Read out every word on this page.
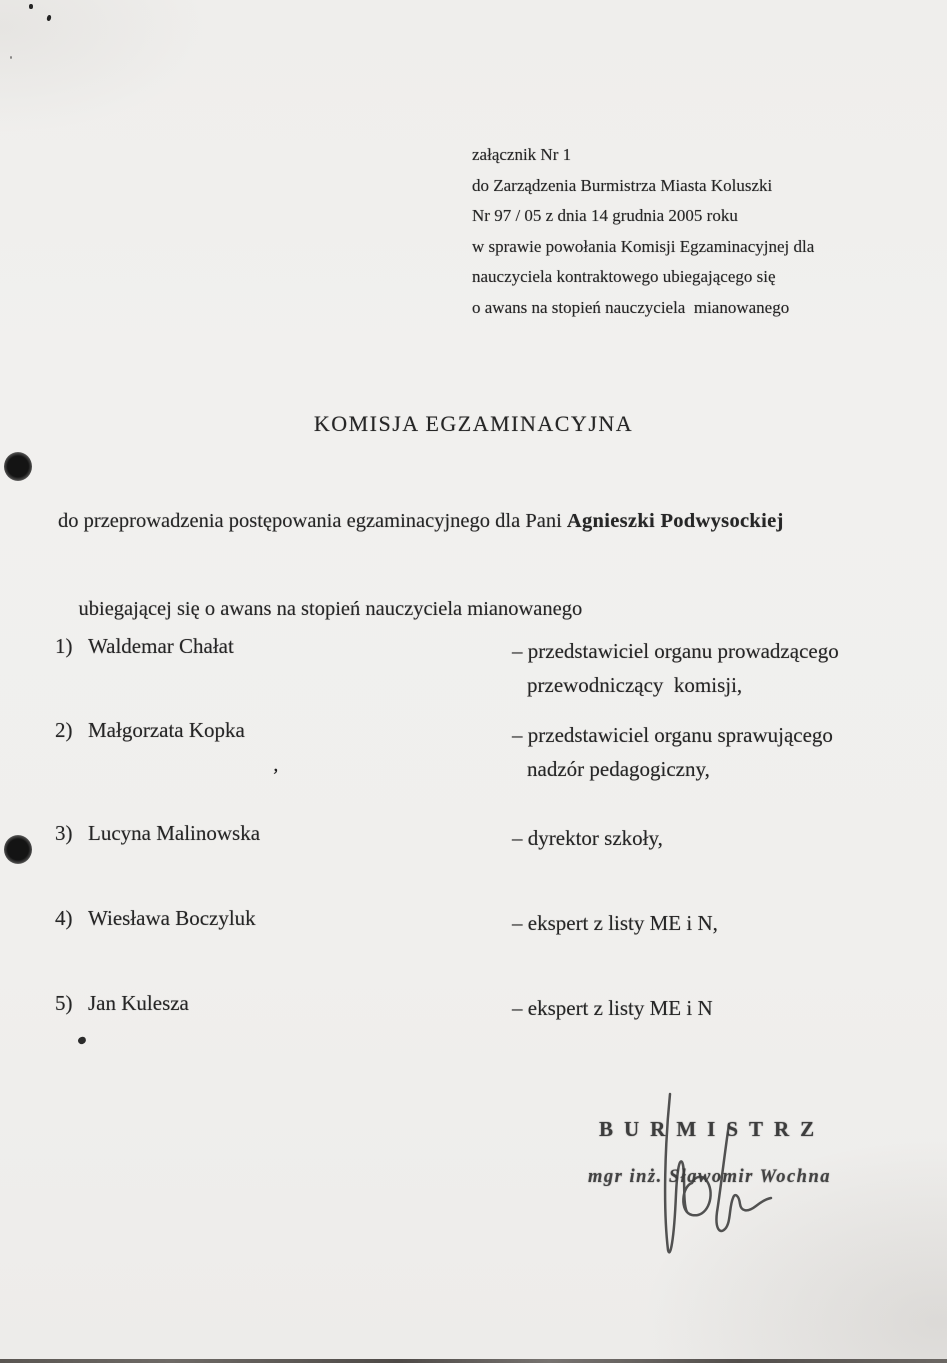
załącznik Nr 1
do Zarządzenia Burmistrza Miasta Koluszki
Nr 97 / 05 z dnia 14 grudnia 2005 roku
w sprawie powołania Komisji Egzaminacyjnej dla
nauczyciela kontraktowego ubiegającego się
o awans na stopień nauczyciela  mianowanego
KOMISJA EGZAMINACYJNA
do przeprowadzenia postępowania egzaminacyjnego dla Pani Agnieszki Podwysockiej

ubiegającej się o awans na stopień nauczyciela mianowanego

’
1) Waldemar Chałat	– przedstawiciel organu prowadzącego
przewodniczący  komisji,
2) Małgorzata Kopka	– przedstawiciel organu sprawującego
nadzór pedagogiczny,
3) Lucyna Malinowska	– dyrektor szkoły,
4) Wiesława Boczyluk	– ekspert z listy ME i N,
5) Jan Kulesza	– ekspert z listy ME i N
BURMISTRZ
mgr inż. Sławomir Wochna
